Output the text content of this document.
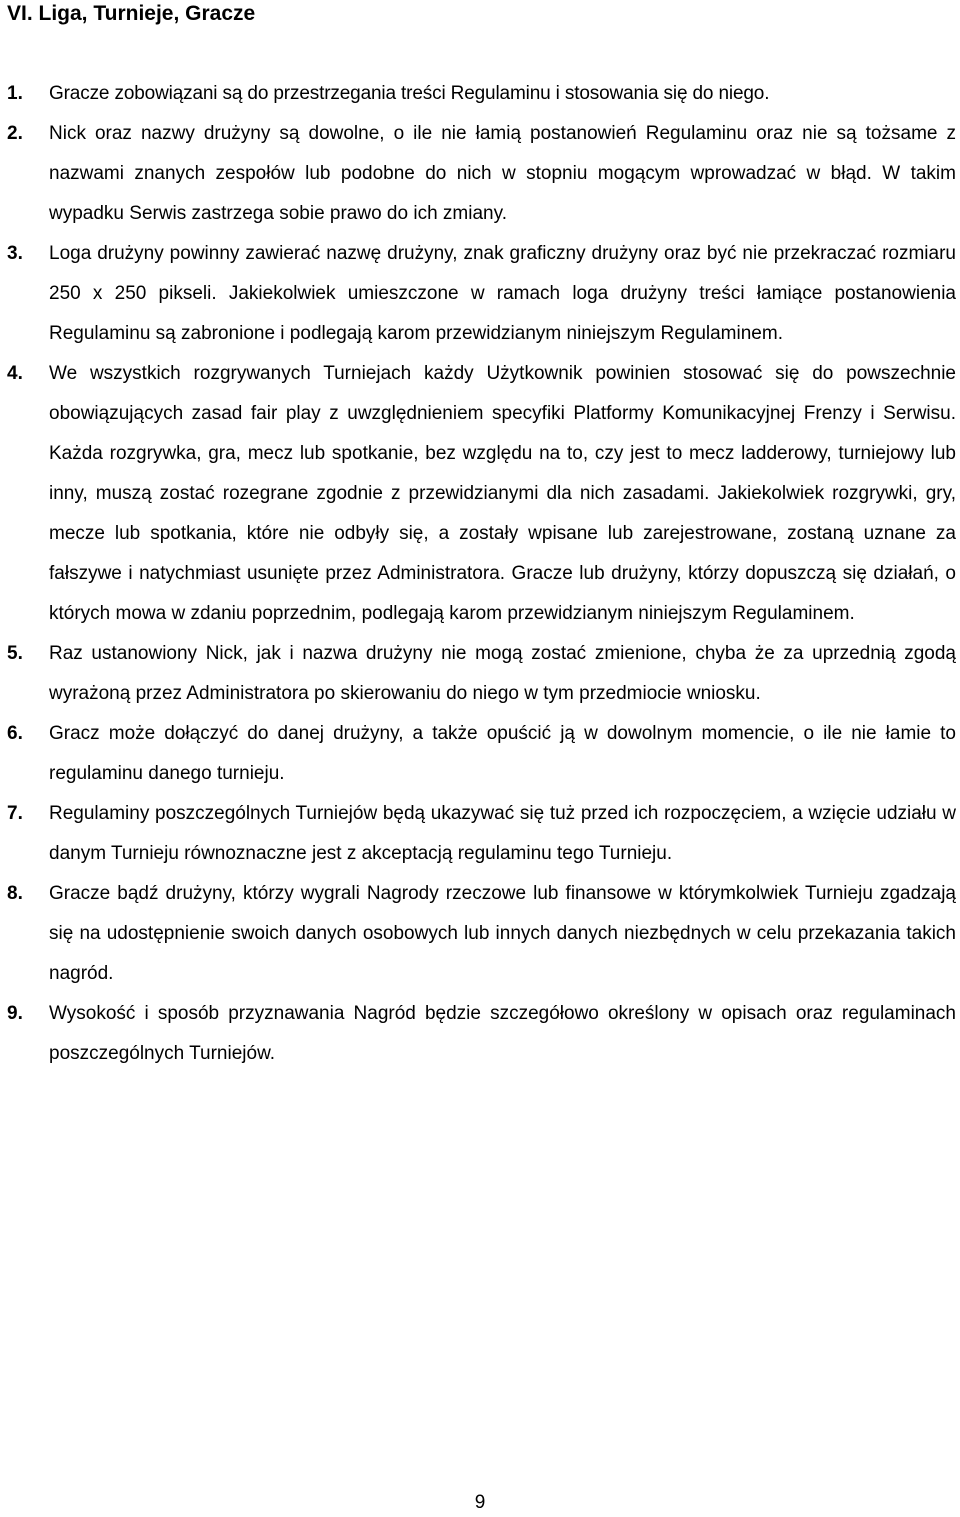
VI. Liga, Turnieje, Gracze
1. Gracze zobowiązani są do przestrzegania treści Regulaminu i stosowania się do niego.
2. Nick oraz nazwy drużyny są dowolne, o ile nie łamią postanowień Regulaminu oraz nie są tożsame z nazwami znanych zespołów lub podobne do nich w stopniu mogącym wprowadzać w błąd. W takim wypadku Serwis zastrzega sobie prawo do ich zmiany.
3. Loga drużyny powinny zawierać nazwę drużyny, znak graficzny drużyny oraz być nie przekraczać rozmiaru 250 x 250 pikseli. Jakiekolwiek umieszczone w ramach loga drużyny treści łamiące postanowienia Regulaminu są zabronione i podlegają karom przewidzianym niniejszym Regulaminem.
4. We wszystkich rozgrywanych Turniejach każdy Użytkownik powinien stosować się do powszechnie obowiązujących zasad fair play z uwzględnieniem specyfiki Platformy Komunikacyjnej Frenzy i Serwisu. Każda rozgrywka, gra, mecz lub spotkanie, bez względu na to, czy jest to mecz ladderowy, turniejowy lub inny, muszą zostać rozegrane zgodnie z przewidzianymi dla nich zasadami. Jakiekolwiek rozgrywki, gry, mecze lub spotkania, które nie odbyły się, a zostały wpisane lub zarejestrowane, zostaną uznane za fałszywe i natychmiast usunięte przez Administratora. Gracze lub drużyny, którzy dopuszczą się działań, o których mowa w zdaniu poprzednim, podlegają karom przewidzianym niniejszym Regulaminem.
5. Raz ustanowiony Nick, jak i nazwa drużyny nie mogą zostać zmienione, chyba że za uprzednią zgodą wyrażoną przez Administratora po skierowaniu do niego w tym przedmiocie wniosku.
6. Gracz może dołączyć do danej drużyny, a także opuścić ją w dowolnym momencie, o ile nie łamie to regulaminu danego turnieju.
7. Regulaminy poszczególnych Turniejów będą ukazywać się tuż przed ich rozpoczęciem, a wzięcie udziału w danym Turnieju równoznaczne jest z akceptacją regulaminu tego Turnieju.
8. Gracze bądź drużyny, którzy wygrali Nagrody rzeczowe lub finansowe w którymkolwiek Turnieju zgadzają się na udostępnienie swoich danych osobowych lub innych danych niezbędnych w celu przekazania takich nagród.
9. Wysokość i sposób przyznawania Nagród będzie szczegółowo określony w opisach oraz regulaminach poszczególnych Turniejów.
9
